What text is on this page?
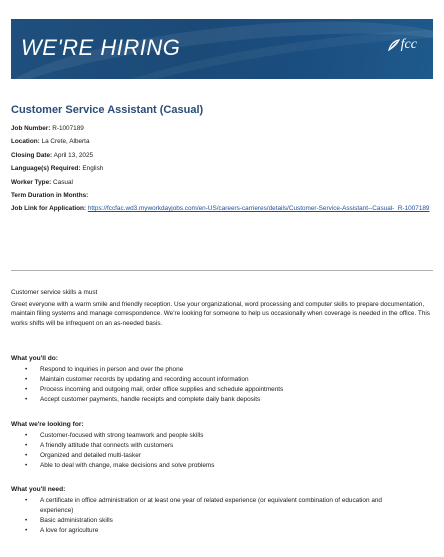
WE'RE HIRING	fcc
Customer Service Assistant (Casual)
Job Number: R-1007189
Location: La Crete, Alberta
Closing Date: April 13, 2025
Language(s) Required: English
Worker Type: Casual
Term Duration in Months:
Job Link for Application: https://fccfac.wd3.myworkdayjobs.com/en-US/careers-carrieres/details/Customer-Service-Assistant--Casual-_R-1007189

Customer service skills a must

Greet everyone with a warm smile and friendly reception. Use your organizational, word processing and computer skills to prepare documentation, maintain filing systems and manage correspondence. We're looking for someone to help us occasionally when coverage is needed in the office. This works shifts will be infrequent on an as-needed basis.

What you'll do:
• Respond to inquiries in person and over the phone
• Maintain customer records by updating and recording account information
• Process incoming and outgoing mail, order office supplies and schedule appointments
• Accept customer payments, handle receipts and complete daily bank deposits
What we're looking for:
• Customer-focused with strong teamwork and people skills
• A friendly attitude that connects with customers
• Organized and detailed multi-tasker
• Able to deal with change, make decisions and solve problems
What you'll need:
• A certificate in office administration or at least one year of related experience (or equivalent combination of education and experience)
• Basic administration skills
• A love for agriculture
